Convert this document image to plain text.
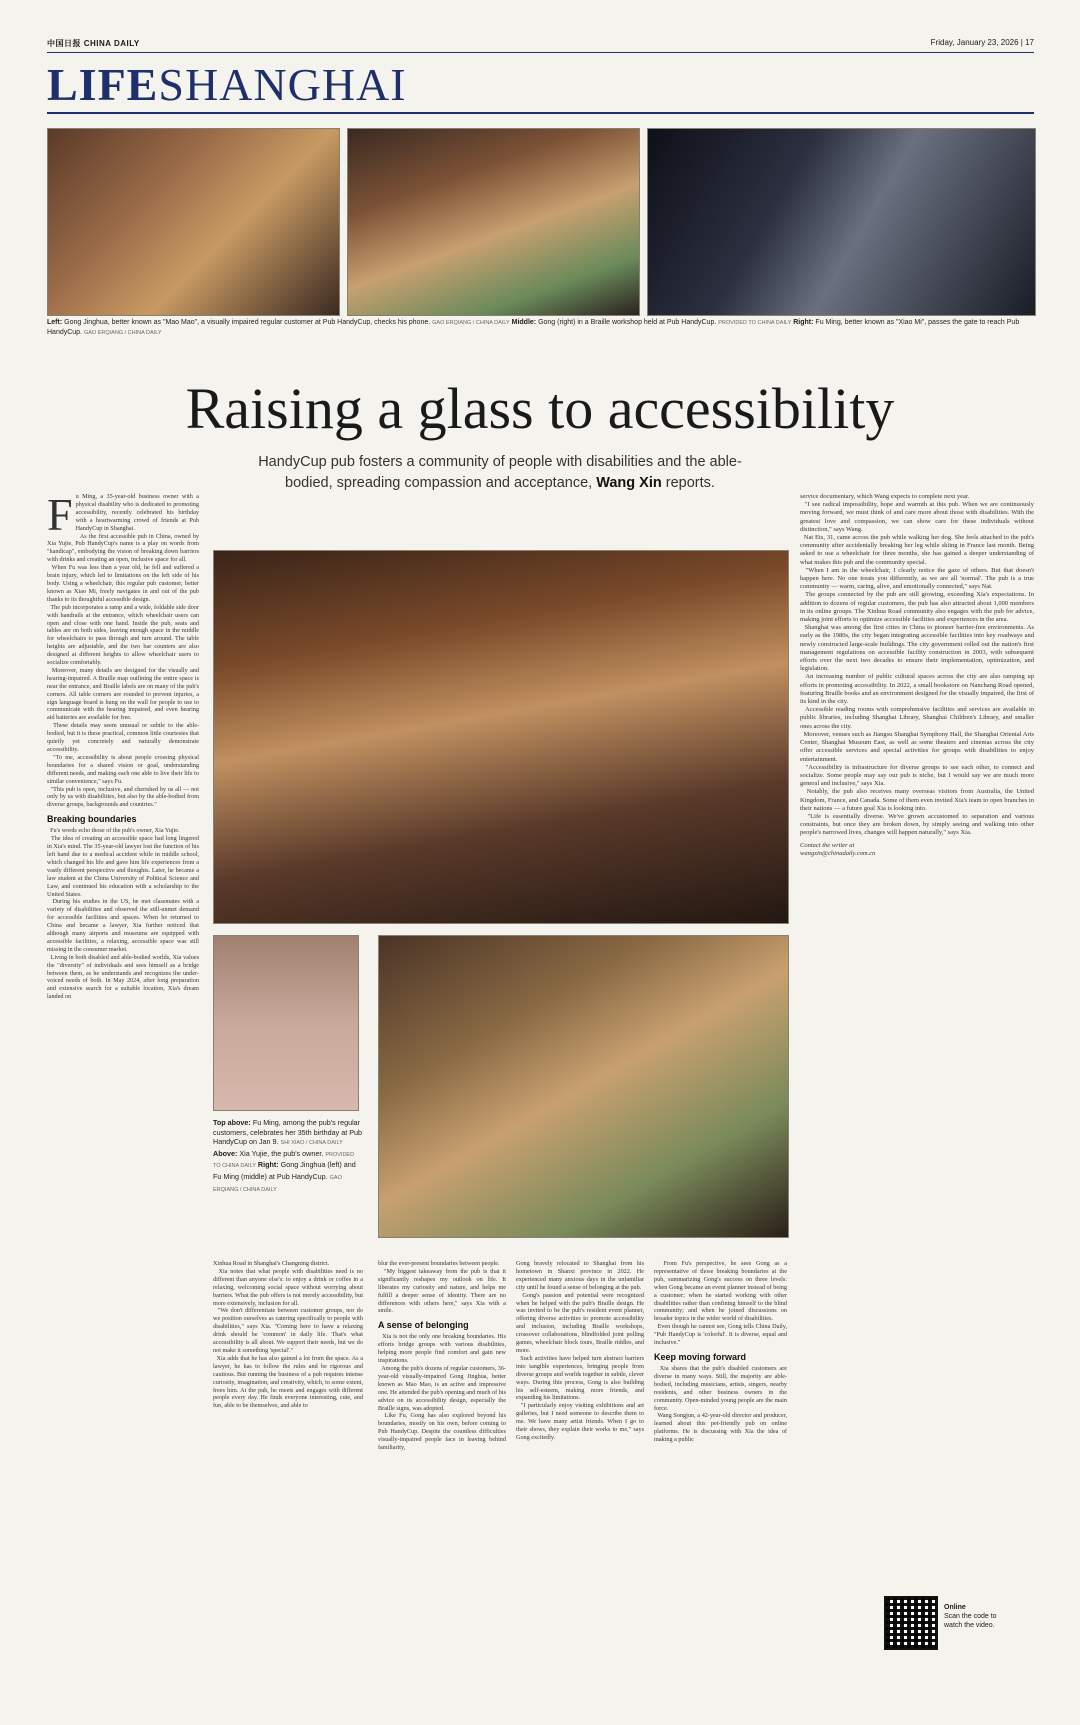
中国日报 CHINA DAILY	Friday, January 23, 2026 | 17
LIFESHANGHAI
Left: Gong Jinghua, better known as "Mao Mao", a visually impaired regular customer at Pub HandyCup, checks his phone. GAO ERQIANG / CHINA DAILY Middle: Gong (right) in a Braille workshop held at Pub HandyCup. PROVIDED TO CHINA DAILY Right: Fu Ming, better known as "Xiao Mi", passes the gate to reach Pub HandyCup. GAO ERQIANG / CHINA DAILY
Raising a glass to accessibility
HandyCup pub fosters a community of people with disabilities and the able-bodied, spreading compassion and acceptance, Wang Xin reports.
Top above: Fu Ming, among the pub's regular customers, celebrates her 35th birthday at Pub HandyCup on Jan 9. SHI XIAO / CHINA DAILY Above: Xia Yujie, the pub's owner. PROVIDED TO CHINA DAILY Right: Gong Jinghua (left) and Fu Ming (middle) at Pub HandyCup. GAO ERQIANG / CHINA DAILY

Fu Ming, a 35-year-old business owner with a physical disability who is dedicated to promoting accessibility, recently celebrated his birthday with a heartwarming crowd of friends at Pub HandyCup in Shanghai.

As the first accessible pub in China, owned by Xia Yujie, Pub HandyCup's name is a play on words from "handicap", embodying the vision of breaking down barriers with drinks and creating an open, inclusive space for all.

When Fu was less than a year old, he fell and suffered a brain injury, which led to limitations on the left side of his body. Using a wheelchair, this regular pub customer, better known as Xiao Mi, freely navigates in and out of the pub thanks to its thoughtful accessible design.

The pub incorporates a ramp and a wide, foldable side door with handrails at the entrance, which wheelchair users can open and close with one hand. Inside the pub, seats and tables are on both sides, leaving enough space in the middle for wheelchairs to pass through and turn around. The table heights are adjustable, and the two bar counters are also designed at different heights to allow wheelchair users to socialize comfortably.

Moreover, many details are designed for the visually and hearing-impaired. A Braille map outlining the entire space is near the entrance, and Braille labels are on many of the pub's corners. All table corners are rounded to prevent injuries, a sign language board is hung on the wall for people to use to communicate with the hearing impaired, and even hearing aid batteries are available for free.

These details may seem unusual or subtle to the able-bodied, but it is these practical, common little courtesies that quietly yet concretely and naturally demonstrate accessibility.

"To me, accessibility is about people crossing physical boundaries for a shared vision or goal, understanding different needs, and making each one able to live their life to similar convenience," says Fu.

"This pub is open, inclusive, and cherished by us all — not only by us with disabilities, but also by the able-bodied from diverse groups, backgrounds and countries."

Breaking boundaries

Fu's words echo those of the pub's owner, Xia Yujie.

The idea of creating an accessible space had long lingered in Xia's mind. The 35-year-old lawyer lost the function of his left hand due to a medical accident while in middle school, which changed his life and gave him life experiences from a vastly different perspective and thoughts. Later, he became a law student at the China University of Political Science and Law, and continued his education with a scholarship to the United States.

During his studies in the US, he met classmates with a variety of disabilities and observed the still-unmet demand for accessible facilities and spaces. When he returned to China and became a lawyer, Xia further noticed that although many airports and museums are equipped with accessible facilities, a relaxing, accessible space was still missing in the consumer market.

Living in both disabled and able-bodied worlds, Xia values the "diversity" of individuals and sees himself as a bridge between them, as he understands and recognizes the under-voiced needs of both. In May 2024, after long preparation and extensive search for a suitable location, Xia's dream landed on

Xinhua Road in Shanghai's Changning district.

Xia notes that what people with disabilities need is no different than anyone else's: to enjoy a drink or coffee in a relaxing, welcoming social space without worrying about barriers. What the pub offers is not merely accessibility, but more extensively, inclusion for all.

"We don't differentiate between customer groups, nor do we position ourselves as catering specifically to people with disabilities," says Xia. "Coming here to have a relaxing drink should be 'common' in daily life. That's what accessibility is all about. We support their needs, but we do not make it something 'special'."

Xia adds that he has also gained a lot from the space. As a lawyer, he has to follow the rules and be rigorous and cautious. But running the business of a pub requires intense curiosity, imagination, and creativity, which, to some extent, frees him. At the pub, he meets and engages with different people every day. He finds everyone interesting, cute, and fun, able to be themselves, and able to

blur the ever-present boundaries between people.

"My biggest takeaway from the pub is that it significantly reshapes my outlook on life. It liberates my curiosity and nature, and helps me fulfill a deeper sense of identity. There are no differences with others here," says Xia with a smile.

A sense of belonging

Xia is not the only one breaking boundaries. His efforts bridge groups with various disabilities, helping more people find comfort and gain new inspirations.

Among the pub's dozens of regular customers, 36-year-old visually-impaired Gong Jinghua, better known as Mao Mao, is an active and impressive one. He attended the pub's opening and much of his advice on its accessibility design, especially the Braille signs, was adopted.

Like Fu, Gong has also explored beyond his boundaries, mostly on his own, before coming to Pub HandyCup. Despite the countless difficulties visually-impaired people face in leaving behind familiarity,

Gong bravely relocated to Shanghai from his hometown in Shanxi province in 2022. He experienced many anxious days in the unfamiliar city until he found a sense of belonging at the pub.

Gong's passion and potential were recognized when he helped with the pub's Braille design. He was invited to be the pub's resident event planner, offering diverse activities to promote accessibility and inclusion, including Braille workshops, crossover collaborations, blindfolded joint polling games, wheelchair block tours, Braille riddles, and more.

Such activities have helped turn abstract barriers into tangible experiences, bringing people from diverse groups and worlds together in subtle, clever ways. During this process, Gong is also building his self-esteem, making more friends, and expanding his limitations.

"I particularly enjoy visiting exhibitions and art galleries, but I need someone to describe them to me. We have many artist friends. When I go to their shows, they explain their works to me," says Gong excitedly.

From Fu's perspective, he sees Gong as a representative of those breaking boundaries at the pub, summarizing Gong's success on three levels: when Gong became an event planner instead of being a customer; when he started working with other disabilities rather than confining himself to the blind community; and when he joined discussions on broader topics in the wider world of disabilities.

Even though he cannot see, Gong tells China Daily, "Pub HandyCup is 'colorful'. It is diverse, equal and inclusive."

Keep moving forward

Xia shares that the pub's disabled customers are diverse in many ways. Still, the majority are able-bodied, including musicians, artists, singers, nearby residents, and other business owners in the community. Open-minded young people are the main force.

Wang Songjun, a 42-year-old director and producer, learned about this pet-friendly pub on online platforms. He is discussing with Xia the idea of making a public

service documentary, which Wang expects to complete next year.

"I see radical impossibility, hope and warmth at this pub. When we are continuously moving forward, we must think of and care more about those with disabilities. With the greatest love and compassion, we can show care for these individuals without distinction," says Wang.

Nat Ets, 31, came across the pub while walking her dog. She feels attached to the pub's community after accidentally breaking her leg while skiing in France last month. Being asked to use a wheelchair for three months, she has gained a deeper understanding of what makes this pub and the community special.

"When I am in the wheelchair, I clearly notice the gaze of others. But that doesn't happen here. No one treats you differently, as we are all 'normal'. The pub is a true community — warm, caring, alive, and emotionally connected," says Nat.

The groups connected by the pub are still growing, exceeding Xia's expectations. In addition to dozens of regular customers, the pub has also attracted about 1,000 members in its online groups. The Xinhua Road community also engages with the pub for advice, making joint efforts to optimize accessible facilities and experiences in the area.

Shanghai was among the first cities in China to pioneer barrier-free environments. As early as the 1980s, the city began integrating accessible facilities into key roadways and newly constructed large-scale buildings. The city government rolled out the nation's first management regulations on accessible facility construction in 2003, with subsequent efforts over the next two decades to ensure their implementation, optimization, and legislation.

An increasing number of public cultural spaces across the city are also ramping up efforts in promoting accessibility. In 2022, a small bookstore on Nanchang Road opened, featuring Braille books and an environment designed for the visually impaired, the first of its kind in the city.

Accessible reading rooms with comprehensive facilities and services are available in public libraries, including Shanghai Library, Shanghai Children's Library, and smaller ones across the city.

Moreover, venues such as Jiangsu Shanghai Symphony Hall, the Shanghai Oriental Arts Center, Shanghai Museum East, as well as some theaters and cinemas across the city offer accessible services and special activities for groups with disabilities to enjoy entertainment.

"Accessibility is infrastructure for diverse groups to see each other, to connect and socialize. Some people may say our pub is niche, but I would say we are much more general and inclusive," says Xia.

Notably, the pub also receives many overseas visitors from Australia, the United Kingdom, France, and Canada. Some of them even invited Xia's team to open branches in their nations — a future goal Xia is looking into.

"Life is essentially diverse. We've grown accustomed to separation and various constraints, but once they are broken down, by simply seeing and walking into other people's narrowed lives, changes will happen naturally," says Xia.

Contact the writer at
wangxin@chinadaily.com.cn

Online
Scan the code to watch the video.
